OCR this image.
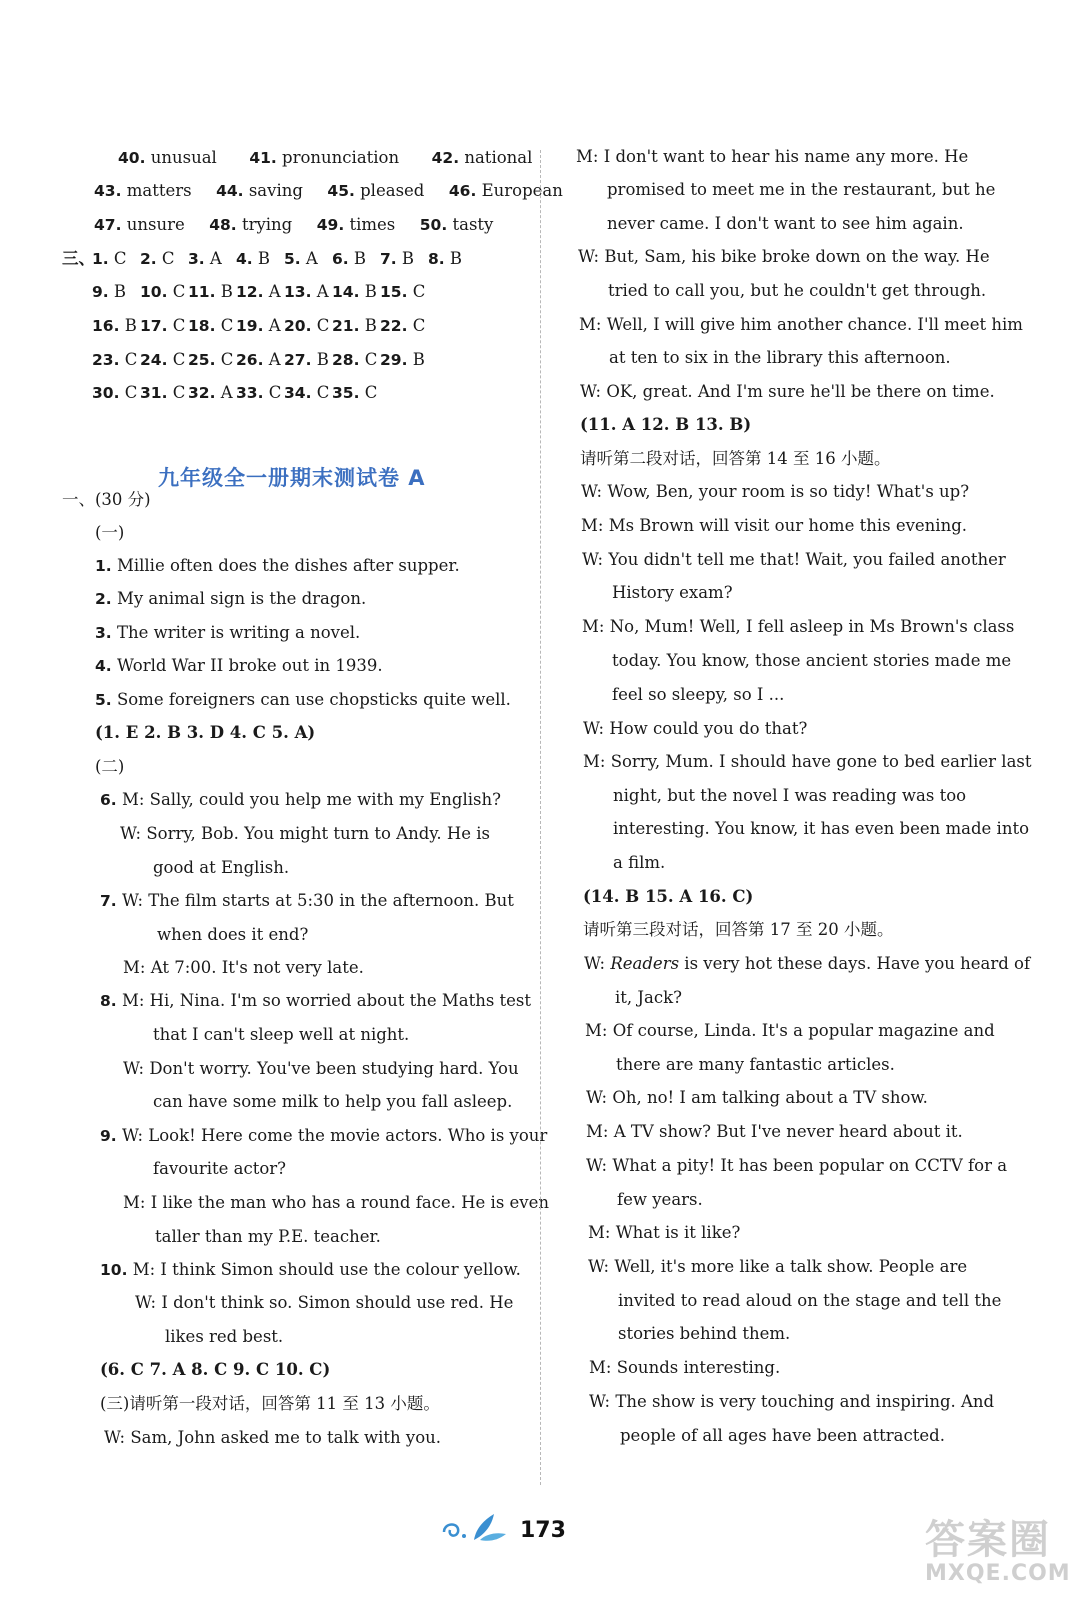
40. unusual 41. pronunciation 42. national
43. matters 44. saving 45. pleased 46. European
47. unsure 48. trying 49. times 50. tasty
三、
1. C 2. C 3. A 4. B 5. A 6. B 7. B 8. B
9. B 10. C 11. B 12. A 13. A 14. B 15. C
16. B 17. C 18. C 19. A 20. C 21. B 22. C
23. C 24. C 25. C 26. A 27. B 28. C 29. B
30. C 31. C 32. A 33. C 34. C 35. C
九年级全一册期末测试卷 A
一、(30 分)
(一)
1. Millie often does the dishes after supper.
2. My animal sign is the dragon.
3. The writer is writing a novel.
4. World War II broke out in 1939.
5. Some foreigners can use chopsticks quite well.
(1. E 2. B 3. D 4. C 5. A)
(二)
6. M: Sally, could you help me with my English?
W: Sorry, Bob. You might turn to Andy. He is
good at English.
7. W: The film starts at 5:30 in the afternoon. But
when does it end?
M: At 7:00. It's not very late.
8. M: Hi, Nina. I'm so worried about the Maths test
that I can't sleep well at night.
W: Don't worry. You've been studying hard. You
can have some milk to help you fall asleep.
9. W: Look! Here come the movie actors. Who is your
favourite actor?
M: I like the man who has a round face. He is even
taller than my P.E. teacher.
10. M: I think Simon should use the colour yellow.
W: I don't think so. Simon should use red. He
likes red best.
(6. C 7. A 8. C 9. C 10. C)
(三)请听第一段对话，回答第 11 至 13 小题。
W: Sam, John asked me to talk with you.
M: I don't want to hear his name any more. He
promised to meet me in the restaurant, but he
never came. I don't want to see him again.
W: But, Sam, his bike broke down on the way. He
tried to call you, but he couldn't get through.
M: Well, I will give him another chance. I'll meet him
at ten to six in the library this afternoon.
W: OK, great. And I'm sure he'll be there on time.
(11. A 12. B 13. B)
请听第二段对话，回答第 14 至 16 小题。
W: Wow, Ben, your room is so tidy! What's up?
M: Ms Brown will visit our home this evening.
W: You didn't tell me that! Wait, you failed another
History exam?
M: No, Mum! Well, I fell asleep in Ms Brown's class
today. You know, those ancient stories made me
feel so sleepy, so I ...
W: How could you do that?
M: Sorry, Mum. I should have gone to bed earlier last
night, but the novel I was reading was too
interesting. You know, it has even been made into
a film.
(14. B 15. A 16. C)
请听第三段对话，回答第 17 至 20 小题。
W: Readers is very hot these days. Have you heard of
it, Jack?
M: Of course, Linda. It's a popular magazine and
there are many fantastic articles.
W: Oh, no! I am talking about a TV show.
M: A TV show? But I've never heard about it.
W: What a pity! It has been popular on CCTV for a
few years.
M: What is it like?
W: Well, it's more like a talk show. People are
invited to read aloud on the stage and tell the
stories behind them.
M: Sounds interesting.
W: The show is very touching and inspiring. And
people of all ages have been attracted.
173	答案圈
MXQE.COM
